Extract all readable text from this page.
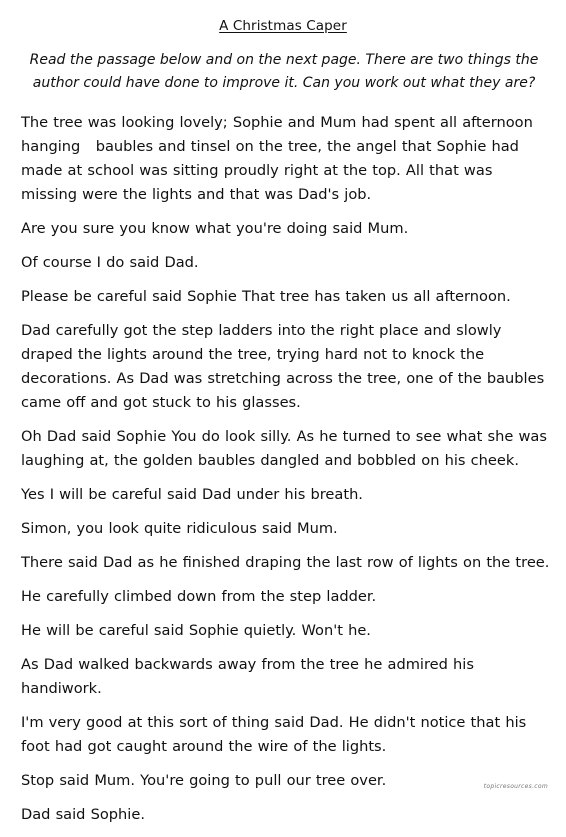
A Christmas Caper
Read the passage below and on the next page. There are two things the
author could have done to improve it. Can you work out what they are?

The tree was looking lovely; Sophie and Mum had spent all afternoon hanging   baubles and tinsel on the tree, the angel that Sophie had made at school was sitting proudly right at the top. All that was missing were the lights and that was Dad's job.

Are you sure you know what you're doing said Mum.

Of course I do said Dad.

Please be careful said Sophie That tree has taken us all afternoon.

Dad carefully got the step ladders into the right place and slowly draped the lights around the tree, trying hard not to knock the decorations. As Dad was stretching across the tree, one of the baubles came off and got stuck to his glasses.

Oh Dad said Sophie You do look silly. As he turned to see what she was laughing at, the golden baubles dangled and bobbled on his cheek.

Yes I will be careful said Dad under his breath.

Simon, you look quite ridiculous said Mum.

There said Dad as he finished draping the last row of lights on the tree.

He carefully climbed down from the step ladder.

He will be careful said Sophie quietly. Won't he.

As Dad walked backwards away from the tree he admired his handiwork.

I'm very good at this sort of thing said Dad. He didn't notice that his foot had got caught around the wire of the lights.

Stop said Mum. You're going to pull our tree over.

Dad said Sophie.

topicresources.com
